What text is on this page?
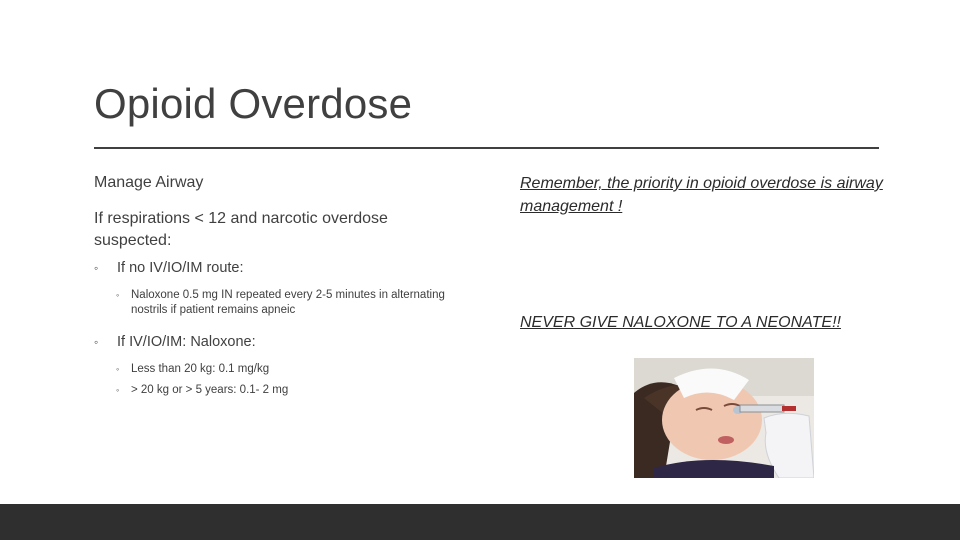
Opioid Overdose

Manage Airway

If respirations < 12 and narcotic overdose suspected:

◦ If no IV/IO/IM route:
◦ Naloxone 0.5 mg IN repeated every 2-5 minutes in alternating nostrils if patient remains apneic
◦ If IV/IO/IM: Naloxone:
◦ Less than 20 kg: 0.1 mg/kg
◦ > 20 kg or > 5 years: 0.1- 2 mg

Remember, the priority in opioid overdose is airway management !

NEVER GIVE NALOXONE TO A NEONATE!!
